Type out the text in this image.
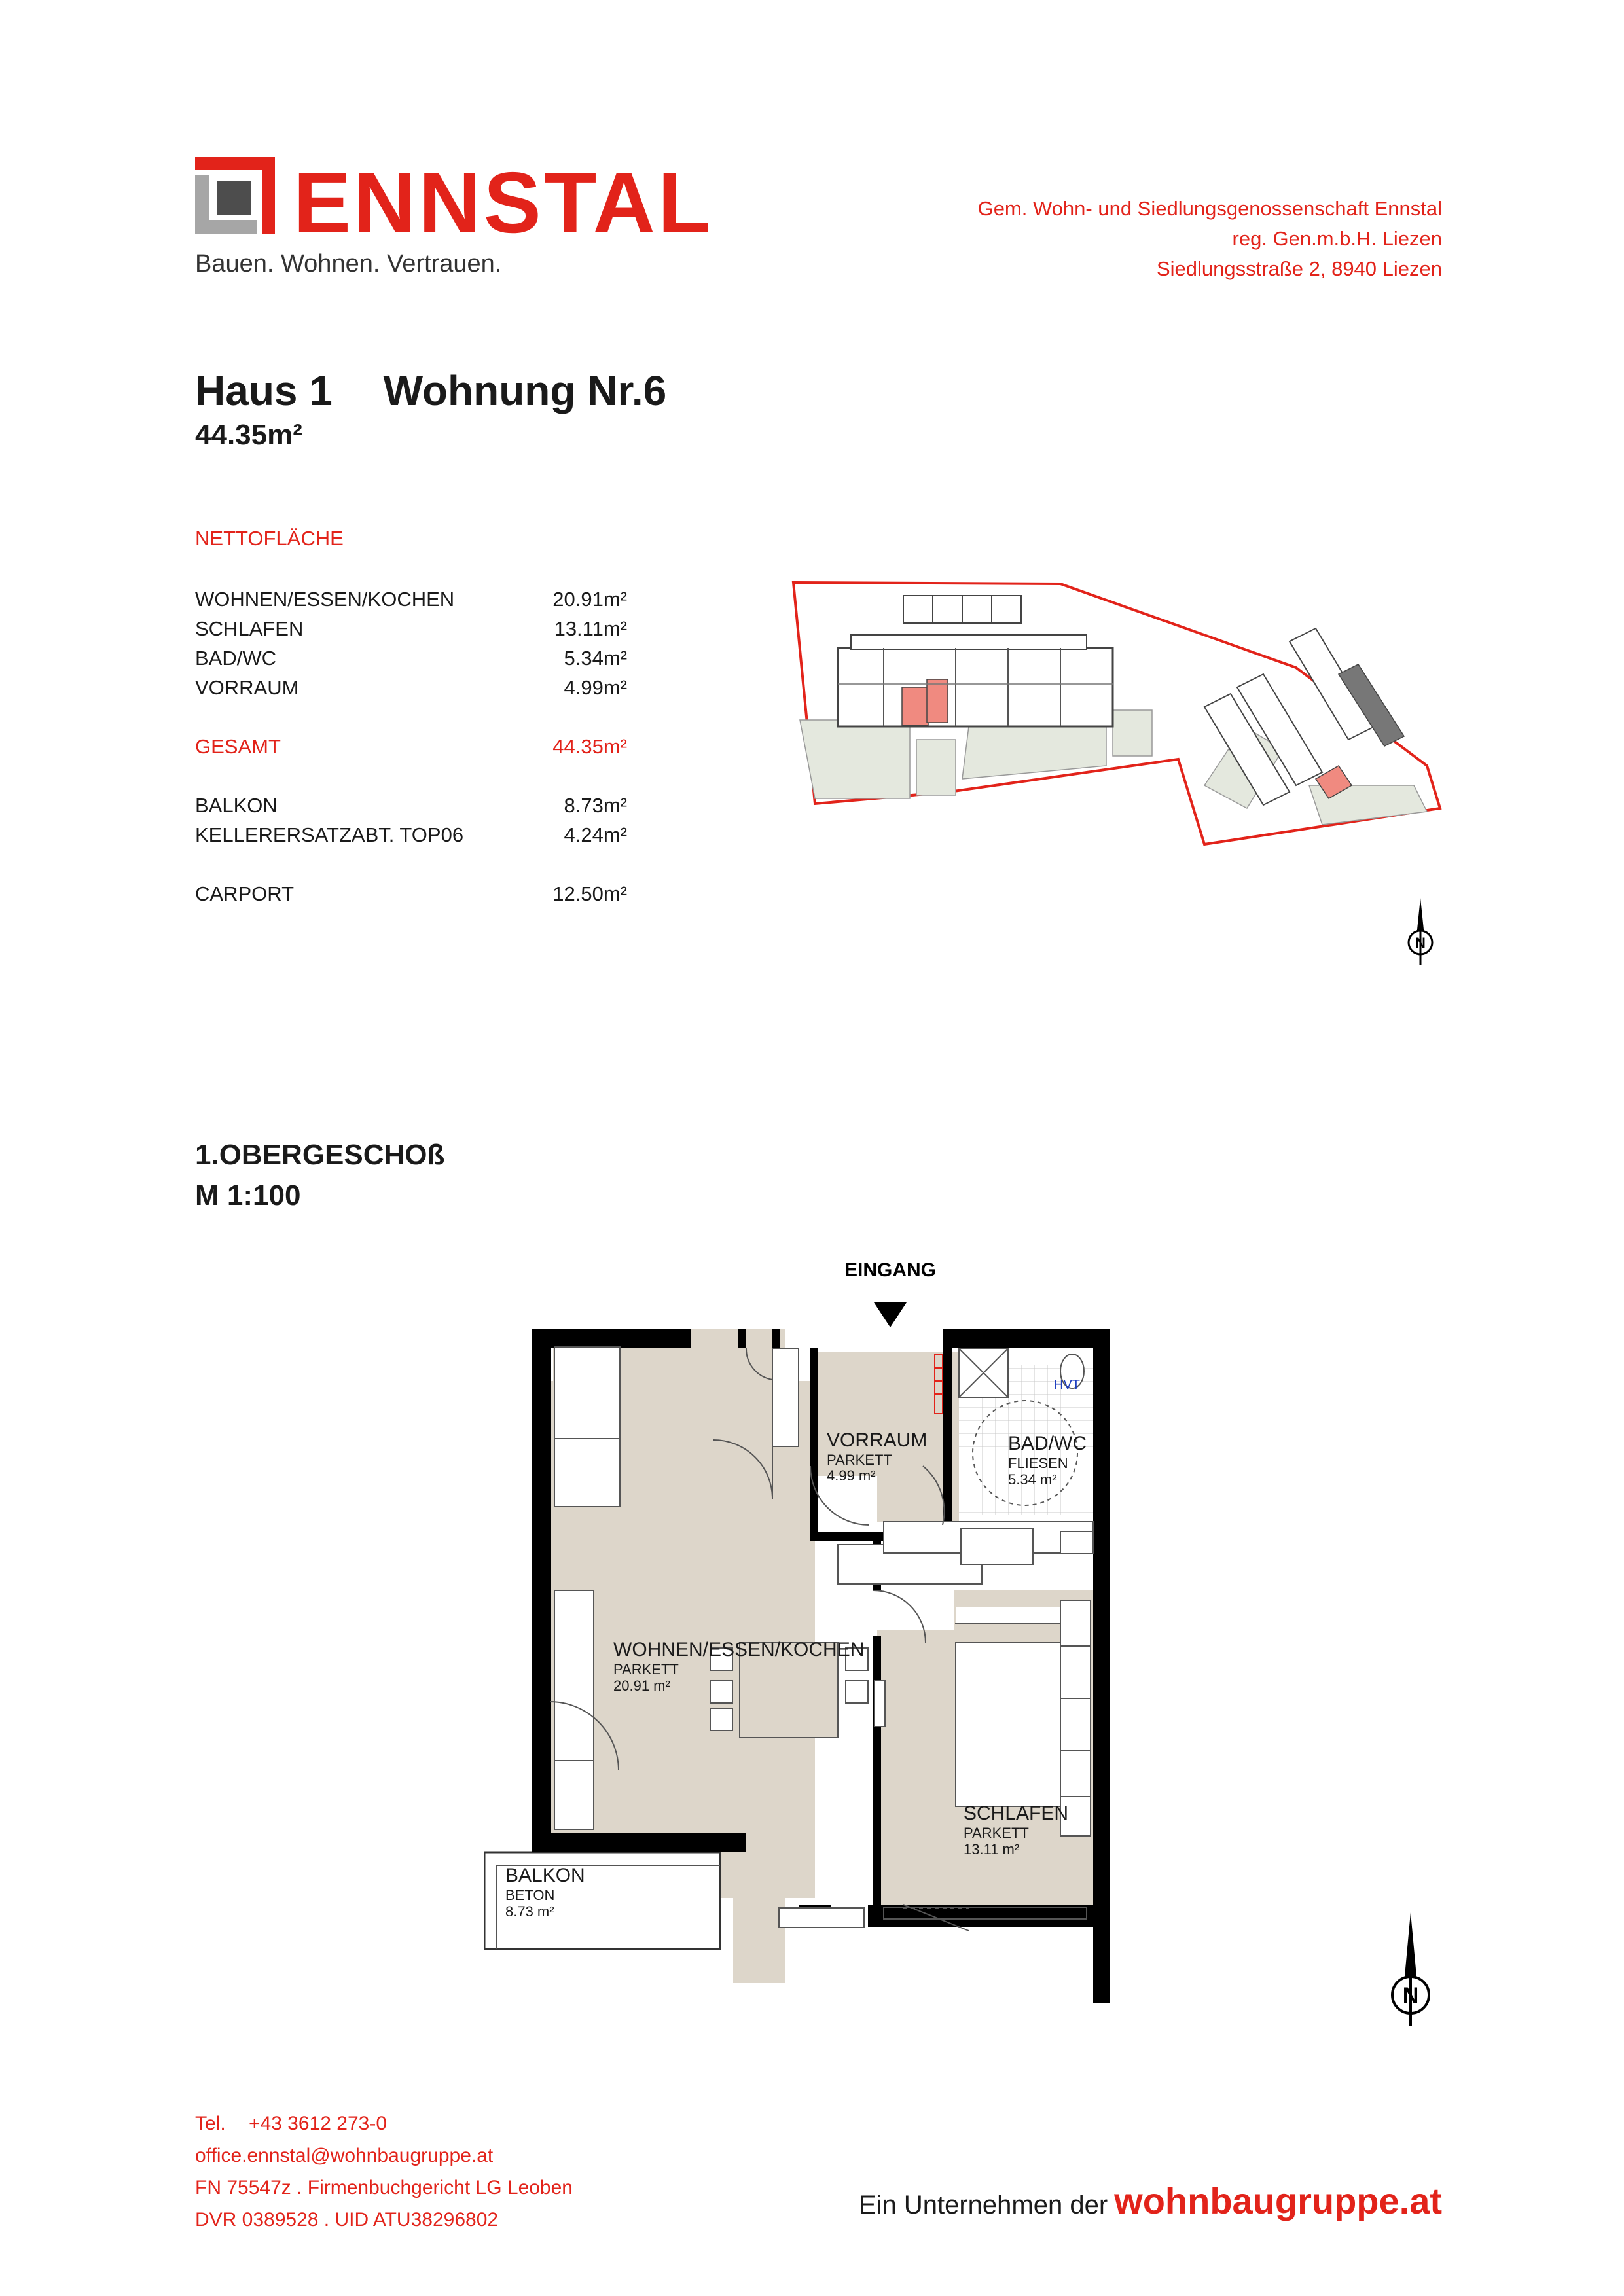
ENNSTAL
Bauen. Wohnen. Vertrauen.
Gem. Wohn- und Siedlungsgenossenschaft Ennstal
reg. Gen.m.b.H. Liezen
Siedlungsstraße 2, 8940 Liezen
Haus 1 Wohnung Nr.6
44.35m²
NETTOFLÄCHE
WOHNEN/ESSEN/KOCHEN	20.91m²
SCHLAFEN	13.11m²
BAD/WC	5.34m²
VORRAUM	4.99m²
GESAMT	44.35m²
BALKON	8.73m²
KELLERERSATZABT. TOP06	4.24m²
CARPORT	12.50m²
N
1.OBERGESCHOß
M 1:100
EINGANG
VORRAUM
PARKETT
4.99 m²
BAD/WC
FLIESEN
5.34 m²
WOHNEN/ESSEN/KOCHEN
PARKETT
20.91 m²
SCHLAFEN
PARKETT
13.11 m²
BALKON
BETON
8.73 m²
HVT
N
Tel. +43 3612 273-0
office.ennstal@wohnbaugruppe.at
FN 75547z . Firmenbuchgericht LG Leoben
DVR 0389528 . UID ATU38296802
Ein Unternehmen der wohnbaugruppe.at
